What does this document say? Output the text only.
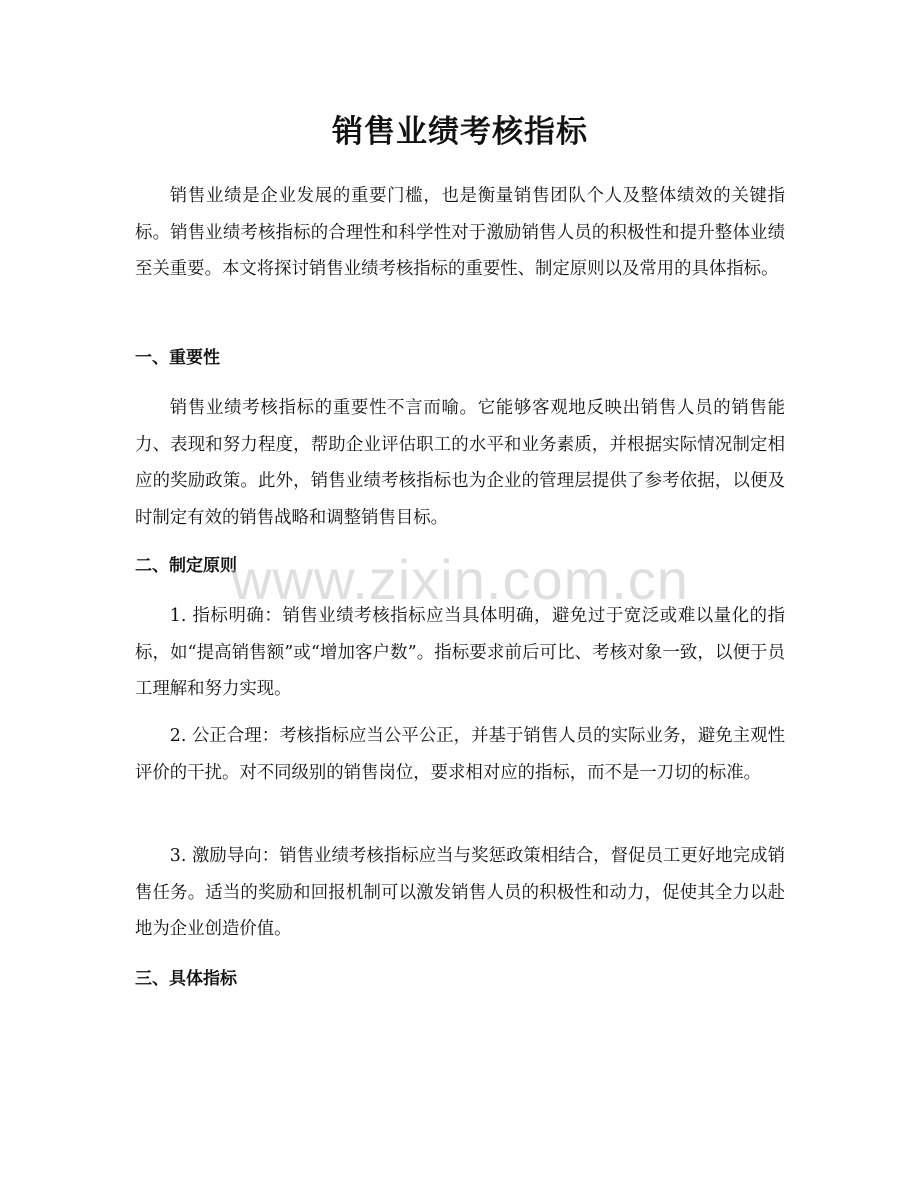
销售业绩考核指标

销售业绩是企业发展的重要门槛，也是衡量销售团队个人及整体绩效的关键指标。销售业绩考核指标的合理性和科学性对于激励销售人员的积极性和提升整体业绩至关重要。本文将探讨销售业绩考核指标的重要性、制定原则以及常用的具体指标。

一、重要性

销售业绩考核指标的重要性不言而喻。它能够客观地反映出销售人员的销售能力、表现和努力程度，帮助企业评估职工的水平和业务素质，并根据实际情况制定相应的奖励政策。此外，销售业绩考核指标也为企业的管理层提供了参考依据，以便及时制定有效的销售战略和调整销售目标。

二、制定原则

1. 指标明确：销售业绩考核指标应当具体明确，避免过于宽泛或难以量化的指标，如“提高销售额”或“增加客户数”。指标要求前后可比、考核对象一致，以便于员工理解和努力实现。

2. 公正合理：考核指标应当公平公正，并基于销售人员的实际业务，避免主观性评价的干扰。对不同级别的销售岗位，要求相对应的指标，而不是一刀切的标准。

3. 激励导向：销售业绩考核指标应当与奖惩政策相结合，督促员工更好地完成销售任务。适当的奖励和回报机制可以激发销售人员的积极性和动力，促使其全力以赴地为企业创造价值。

三、具体指标
www.zixin.com.cn
